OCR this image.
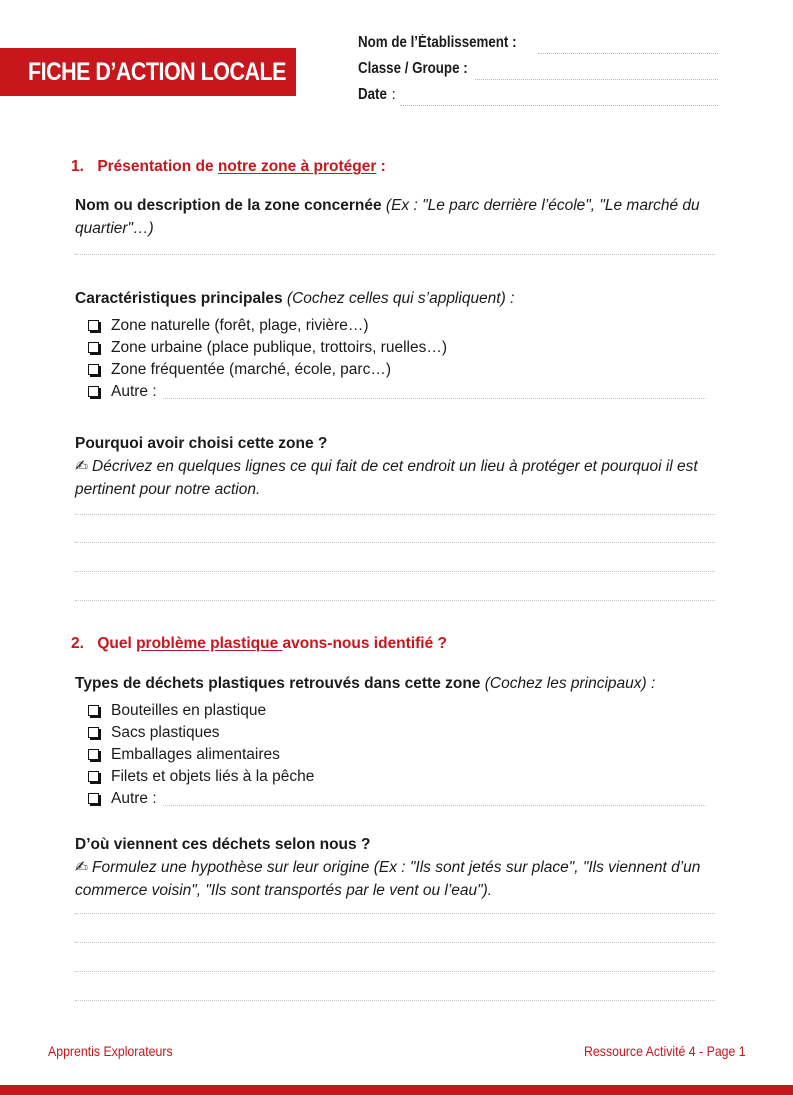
FICHE D’ACTION LOCALE
Nom de l’Établissement :
Classe / Groupe :
Date :
1. Présentation de notre zone à protéger :
Nom ou description de la zone concernée (Ex : "Le parc derrière l’école", "Le marché du quartier"…)
Caractéristiques principales (Cochez celles qui s’appliquent) :
Zone naturelle (forêt, plage, rivière…)
Zone urbaine (place publique, trottoirs, ruelles…)
Zone fréquentée (marché, école, parc…)
Autre :
Pourquoi avoir choisi cette zone ?
✍ Décrivez en quelques lignes ce qui fait de cet endroit un lieu à protéger et pourquoi il est pertinent pour notre action.
2. Quel problème plastique avons-nous identifié ?
Types de déchets plastiques retrouvés dans cette zone (Cochez les principaux) :
Bouteilles en plastique
Sacs plastiques
Emballages alimentaires
Filets et objets liés à la pêche
Autre :
D’où viennent ces déchets selon nous ?
✍ Formulez une hypothèse sur leur origine (Ex : "Ils sont jetés sur place", "Ils viennent d’un commerce voisin", "Ils sont transportés par le vent ou l’eau").
Apprentis Explorateurs	Ressource Activité 4 - Page 1
